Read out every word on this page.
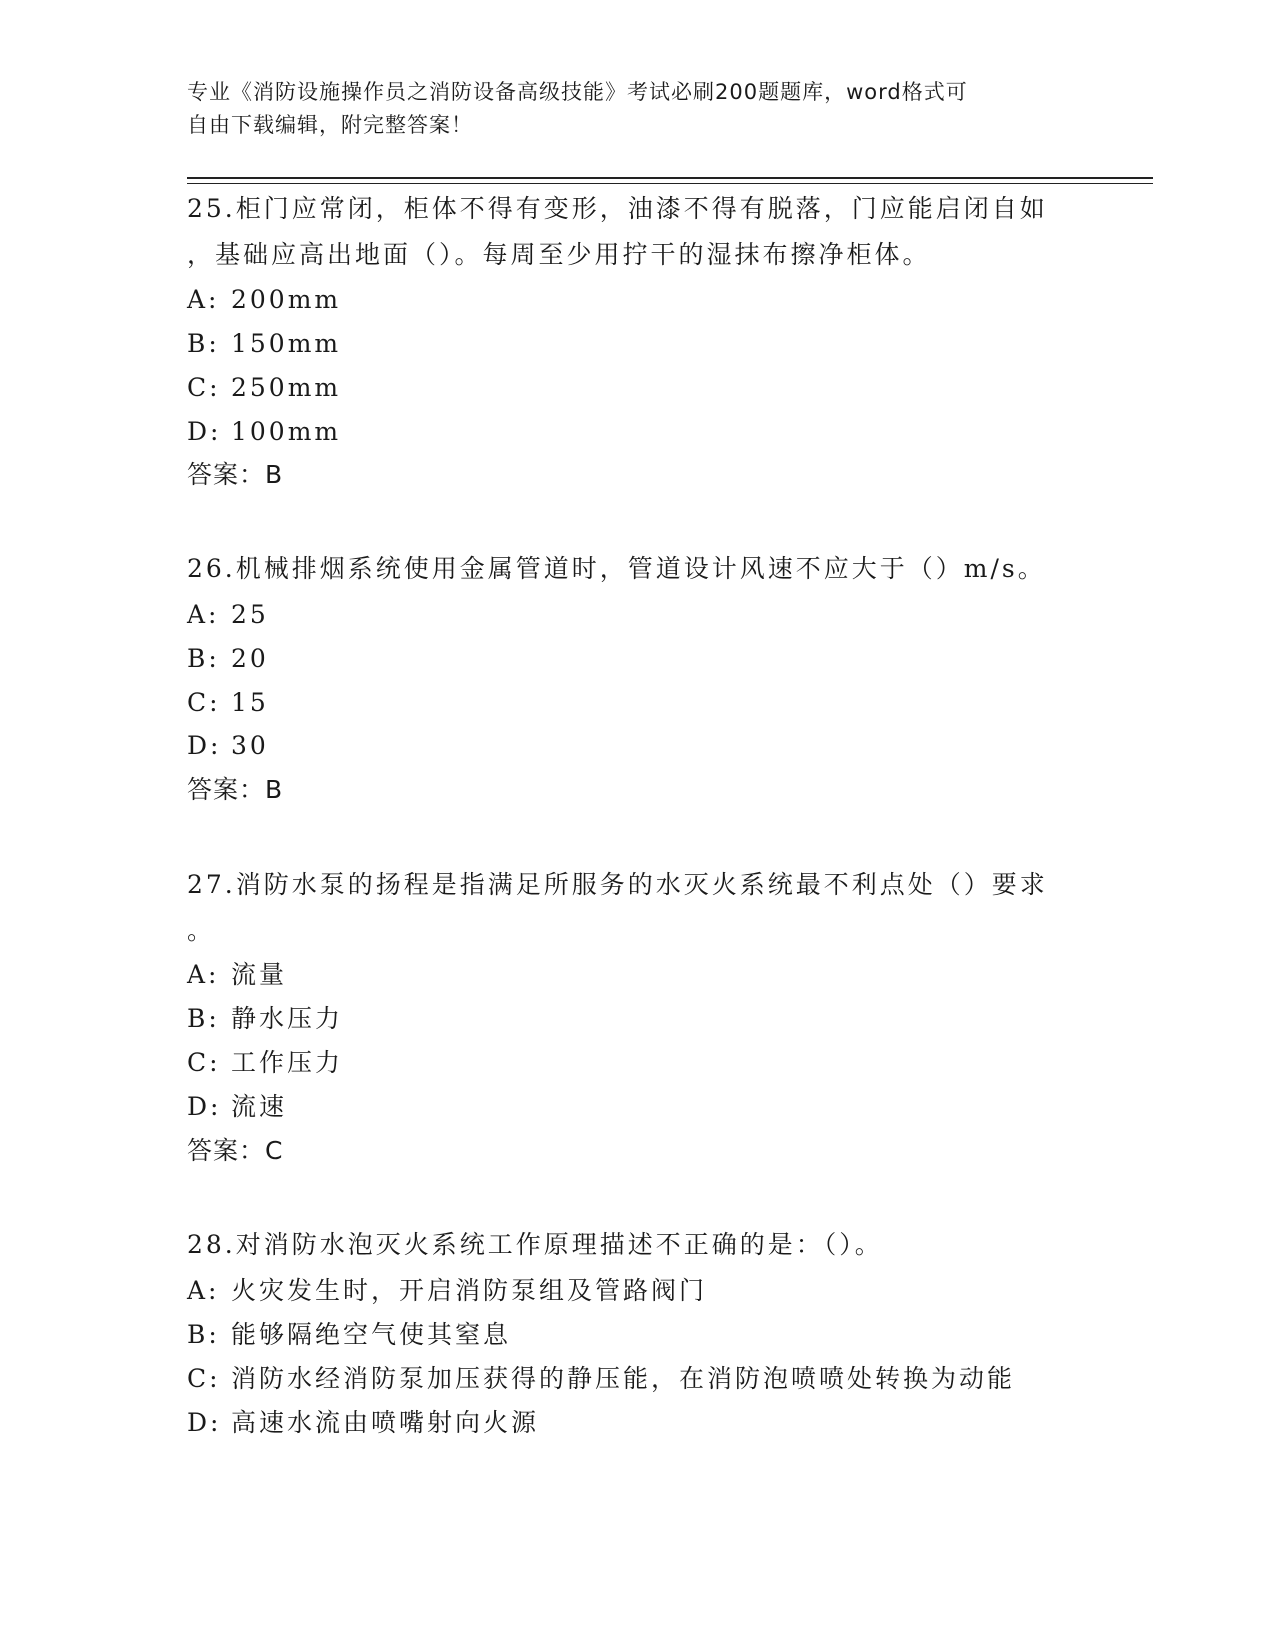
专业《消防设施操作员之消防设备高级技能》考试必刷200题题库，word格式可
自由下载编辑，附完整答案！
25.柜门应常闭，柜体不得有变形，油漆不得有脱落，门应能启闭自如
，基础应高出地面（）。每周至少用拧干的湿抹布擦净柜体。
A: 200mm
B: 150mm
C: 250mm
D: 100mm
答案：B
26.机械排烟系统使用金属管道时，管道设计风速不应大于（）m/s。
A: 25
B: 20
C: 15
D: 30
答案：B
27.消防水泵的扬程是指满足所服务的水灭火系统最不利点处（）要求
。
A: 流量
B: 静水压力
C: 工作压力
D: 流速
答案：C
28.对消防水泡灭火系统工作原理描述不正确的是：（）。
A: 火灾发生时，开启消防泵组及管路阀门
B: 能够隔绝空气使其窒息
C: 消防水经消防泵加压获得的静压能，在消防泡喷喷处转换为动能
D: 高速水流由喷嘴射向火源
